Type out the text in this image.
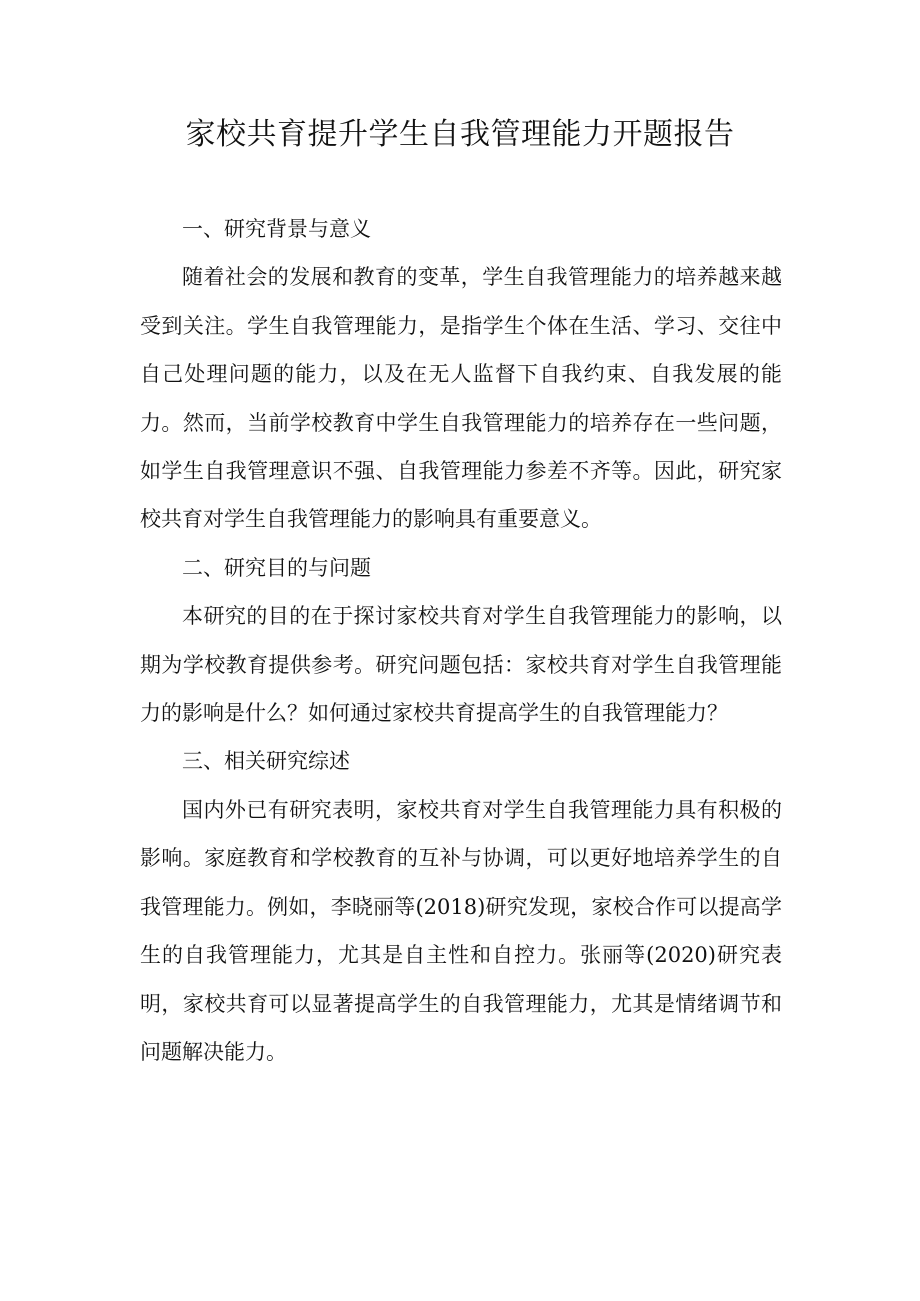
家校共育提升学生自我管理能力开题报告

一、研究背景与意义

随着社会的发展和教育的变革，学生自我管理能力的培养越来越受到关注。学生自我管理能力，是指学生个体在生活、学习、交往中自己处理问题的能力，以及在无人监督下自我约束、自我发展的能力。然而，当前学校教育中学生自我管理能力的培养存在一些问题，如学生自我管理意识不强、自我管理能力参差不齐等。因此，研究家校共育对学生自我管理能力的影响具有重要意义。

二、研究目的与问题

本研究的目的在于探讨家校共育对学生自我管理能力的影响，以期为学校教育提供参考。研究问题包括：家校共育对学生自我管理能力的影响是什么？如何通过家校共育提高学生的自我管理能力？

三、相关研究综述

国内外已有研究表明，家校共育对学生自我管理能力具有积极的影响。家庭教育和学校教育的互补与协调，可以更好地培养学生的自我管理能力。例如，李晓丽等(2018)研究发现，家校合作可以提高学生的自我管理能力，尤其是自主性和自控力。张丽等(2020)研究表明，家校共育可以显著提高学生的自我管理能力，尤其是情绪调节和问题解决能力。
